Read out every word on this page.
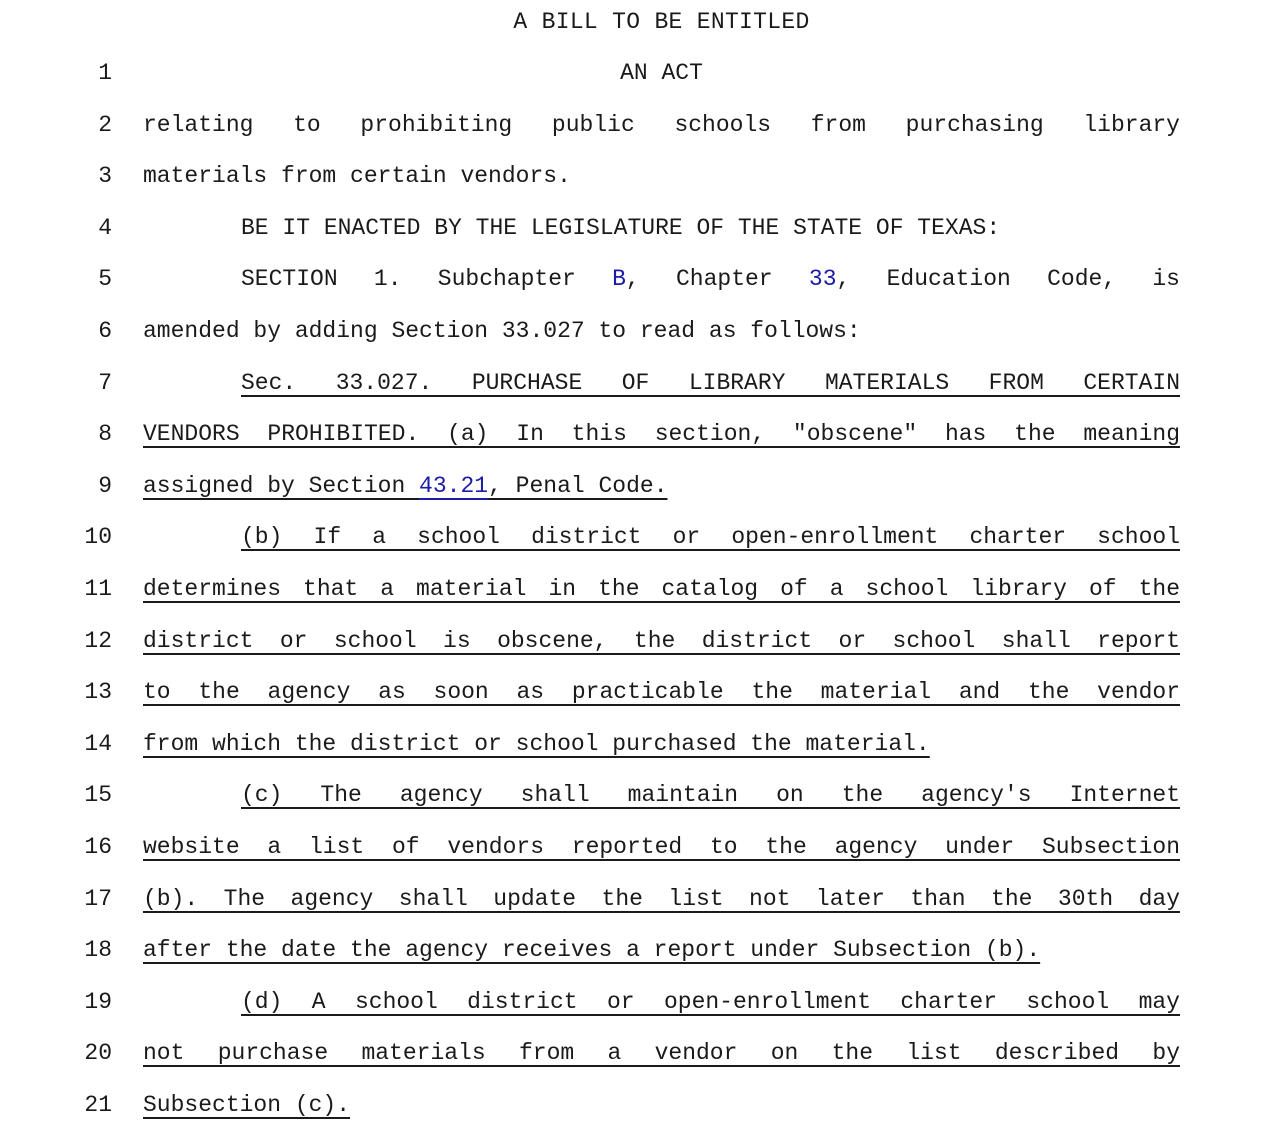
A BILL TO BE ENTITLED
1	AN ACT
2 relating to prohibiting public schools from purchasing library
3 materials from certain vendors.
4	BE IT ENACTED BY THE LEGISLATURE OF THE STATE OF TEXAS:
5	SECTION 1. Subchapter B, Chapter 33, Education Code, is
6 amended by adding Section 33.027 to read as follows:
7	Sec. 33.027. PURCHASE OF LIBRARY MATERIALS FROM CERTAIN
8 VENDORS PROHIBITED. (a) In this section, "obscene" has the meaning
9 assigned by Section 43.21, Penal Code.
10	(b) If a school district or open-enrollment charter school
11 determines that a material in the catalog of a school library of the
12 district or school is obscene, the district or school shall report
13 to the agency as soon as practicable the material and the vendor
14 from which the district or school purchased the material.
15	(c) The agency shall maintain on the agency's Internet
16 website a list of vendors reported to the agency under Subsection
17 (b). The agency shall update the list not later than the 30th day
18 after the date the agency receives a report under Subsection (b).
19	(d) A school district or open-enrollment charter school may
20 not purchase materials from a vendor on the list described by
21 Subsection (c).
